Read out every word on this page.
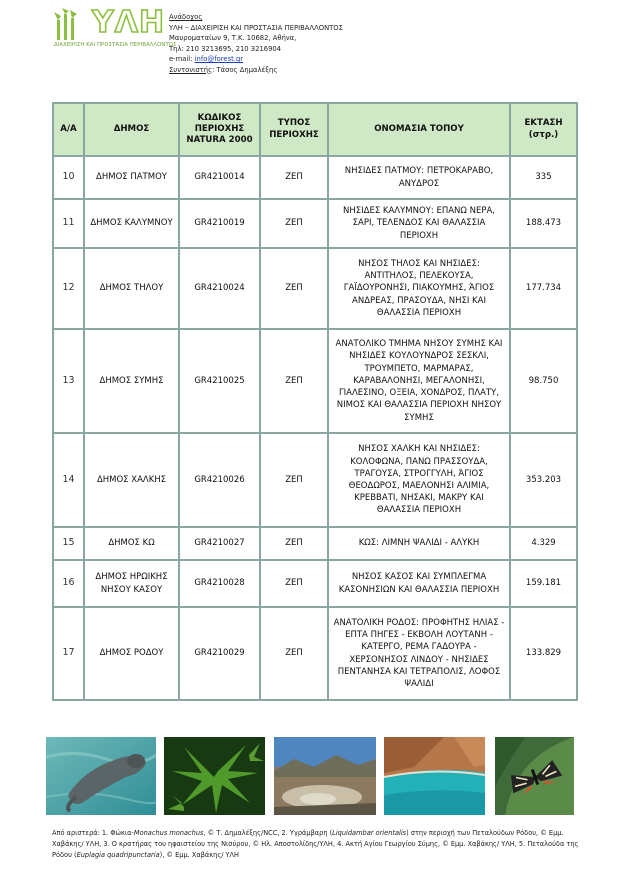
ΥΛΗ
ΔΙΑΧΕΙΡΙΣΗ ΚΑΙ ΠΡΟΣΤΑΣΙΑ ΠΕΡΙΒΑΛΛΟΝΤΟΣ
Ανάδοχος
ΥΛΗ – ΔΙΑΧΕΙΡΙΣΗ ΚΑΙ ΠΡΟΣΤΑΣΙΑ ΠΕΡΙΒΑΛΛΟΝΤΟΣ
Μαυροματαίων 9, Τ.Κ. 10682, Αθήνα,
Τηλ: 210 3213695, 210 3216904
e-mail: info@forest.gr
Συντονιστής: Τάσος Δημαλέξης
Α/Α	ΔΗΜΟΣ	ΚΩΔΙΚΟΣ ΠΕΡΙΟΧΗΣ NATURA 2000	ΤΥΠΟΣ ΠΕΡΙΟΧΗΣ	ΟΝΟΜΑΣΙΑ ΤΟΠΟΥ	ΕΚΤΑΣΗ (στρ.)
10	ΔΗΜΟΣ ΠΑΤΜΟΥ	GR4210014	ΖΕΠ	ΝΗΣΙΔΕΣ ΠΑΤΜΟΥ: ΠΕΤΡΟΚΑΡΑΒΟ, ΑΝΥΔΡΟΣ	335
11	ΔΗΜΟΣ ΚΑΛΥΜΝΟΥ	GR4210019	ΖΕΠ	ΝΗΣΙΔΕΣ ΚΑΛΥΜΝΟΥ: ΕΠΑΝΩ ΝΕΡΑ, ΣΑΡΙ, ΤΕΛΕΝΔΟΣ ΚΑΙ ΘΑΛΑΣΣΙΑ ΠΕΡΙΟΧΗ	188.473
12	ΔΗΜΟΣ ΤΗΛΟΥ	GR4210024	ΖΕΠ	ΝΗΣΟΣ ΤΗΛΟΣ ΚΑΙ ΝΗΣΙΔΕΣ: ΑΝΤΙΤΗΛΟΣ, ΠΕΛΕΚΟΥΣΑ, ΓΑΪΔΟΥΡΟΝΗΣΙ, ΠΙΑΚΟΥΜΗΣ, ΆΓΙΟΣ ΑΝΔΡΕΑΣ, ΠΡΑΣΟΥΔΑ, ΝΗΣΙ ΚΑΙ ΘΑΛΑΣΣΙΑ ΠΕΡΙΟΧΗ	177.734
13	ΔΗΜΟΣ ΣΥΜΗΣ	GR4210025	ΖΕΠ	ΑΝΑΤΟΛΙΚΟ ΤΜΗΜΑ ΝΗΣΟΥ ΣΥΜΗΣ ΚΑΙ ΝΗΣΙΔΕΣ ΚΟΥΛΟΥΝΔΡΟΣ ΣΕΣΚΛΙ, ΤΡΟΥΜΠΕΤΟ, ΜΑΡΜΑΡΑΣ, ΚΑΡΑΒΑΛΟΝΗΣΙ, ΜΕΓΑΛΟΝΗΣΙ, ΓΙΑΛΕΣΙΝΟ, ΟΞΕΙΑ, ΧΟΝΔΡΟΣ, ΠΛΑΤΥ, ΝΙΜΟΣ ΚΑΙ ΘΑΛΑΣΣΙΑ ΠΕΡΙΟΧΗ ΝΗΣΟΥ ΣΥΜΗΣ	98.750
14	ΔΗΜΟΣ ΧΑΛΚΗΣ	GR4210026	ΖΕΠ	ΝΗΣΟΣ ΧΑΛΚΗ ΚΑΙ ΝΗΣΙΔΕΣ: ΚΟΛΟΦΩΝΑ, ΠΑΝΩ ΠΡΑΣΣΟΥΔΑ, ΤΡΑΓΟΥΣΑ, ΣΤΡΟΓΓΥΛΗ, ΆΓΙΟΣ ΘΕΟΔΩΡΟΣ, ΜΑΕΛΟΝΗΣΙ ΑΛΙΜΙΑ, ΚΡΕΒΒΑΤΙ, ΝΗΣΑΚΙ, ΜΑΚΡΥ ΚΑΙ ΘΑΛΑΣΣΙΑ ΠΕΡΙΟΧΗ	353.203
15	ΔΗΜΟΣ ΚΩ	GR4210027	ΖΕΠ	ΚΩΣ: ΛΙΜΝΗ ΨΑΛΙΔΙ - ΑΛΥΚΗ	4.329
16	ΔΗΜΟΣ ΗΡΩΙΚΗΣ ΝΗΣΟΥ ΚΑΣΟΥ	GR4210028	ΖΕΠ	ΝΗΣΟΣ ΚΑΣΟΣ ΚΑΙ ΣΥΜΠΛΕΓΜΑ ΚΑΣΟΝΗΣΙΩΝ ΚΑΙ ΘΑΛΑΣΣΙΑ ΠΕΡΙΟΧΗ	159.181
17	ΔΗΜΟΣ ΡΟΔΟΥ	GR4210029	ΖΕΠ	ΑΝΑΤΟΛΙΚΗ ΡΟΔΟΣ: ΠΡΟΦΗΤΗΣ ΗΛΙΑΣ - ΕΠΤΑ ΠΗΓΕΣ - ΕΚΒΟΛΗ ΛΟΥΤΑΝΗ - ΚΑΤΕΡΓΟ, ΡΕΜΑ ΓΑΔΟΥΡΑ - ΧΕΡΣΟΝΗΣΟΣ ΛΙΝΔΟΥ - ΝΗΣΙΔΕΣ ΠΕΝΤΑΝΗΣΑ ΚΑΙ ΤΕΤΡΑΠΟΛΙΣ, ΛΟΦΟΣ ΨΑΛΙΔΙ	133.829
Από αριστερά: 1. Φώκια-Monachus monachus, © Τ. Δημαλέξης/NCC, 2. Υγράμβαρη (Liquidambar orientalis) στην περιοχή των Πεταλούδων Ρόδου, © Εμμ. Χαβάκης/ ΥΛΗ, 3. Ο κρατήρας του ηφαιστείου της Νισύρου, © Ηλ. Αποστολίδης/ΥΛΗ, 4. Ακτή Αγίου Γεωργίου Σύμης, © Εμμ. Χαβάκης/ ΥΛΗ, 5. Πεταλούδα της Ρόδου (Euplagia quadripunctaria), © Εμμ. Χαβάκης/ ΥΛΗ
